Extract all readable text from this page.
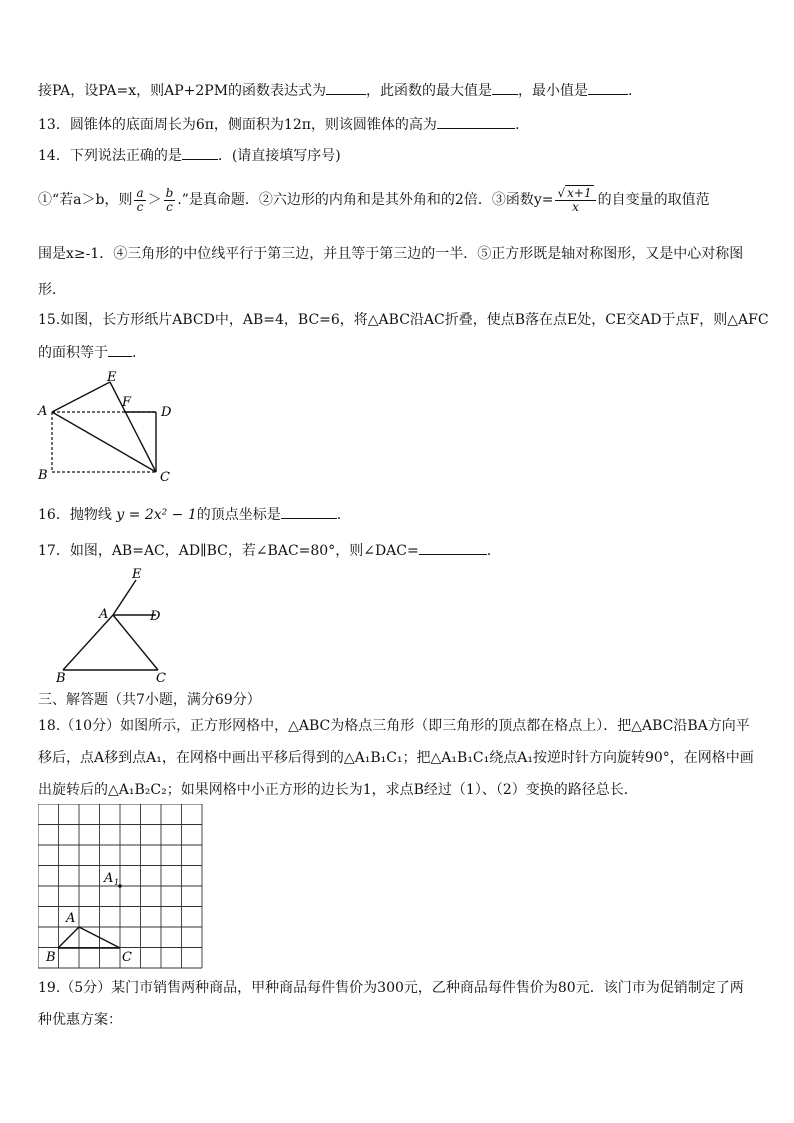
接PA，设PA=x，则AP+2PM的函数表达式为	，此函数的最大值是 ，最小值是	.
13．圆锥体的底面周长为6π，侧面积为12π，则该圆锥体的高为	.
14．下列说法正确的是	．(请直接填写序号)
①“若a＞b，则 $\frac{a}{c} > \frac{b}{c}$ .”是真命题．②六边形的内角和是其外角和的2倍．③函数$y= \frac{√ x+1}{x}$ 的自变量的取值范
围是x≥-1．④三角形的中位线平行于第三边，并且等于第三边的一半．⑤正方形既是轴对称图形，又是中心对称图
形．
15.如图，长方形纸片ABCD中，AB=4，BC=6，将△ABC沿AC折叠，使点B落在点E处，CE交AD于点F，则△AFC
的面积等于 .
A
B	C
D
E
F
16．抛物线 y = 2x² − 1的顶点坐标是	.
17．如图，AB=AC，AD∥BC，若∠BAC=80°，则∠DAC=	.
E
A	D
B	C
三、解答题（共7小题，满分69分）
18.（10分）如图所示，正方形网格中，△ABC为格点三角形（即三角形的顶点都在格点上）．把△ABC沿BA方向平
移后，点A移到点A₁，在网格中画出平移后得到的△A₁B₁C₁；把△A₁B₁C₁绕点A₁按逆时针方向旋转90°，在网格中画
出旋转后的△A₁B₂C₂；如果网格中小正方形的边长为1，求点B经过（1）、（2）变换的路径总长．
A
A 1
B	C
19.（5分）某门市销售两种商品，甲种商品每件售价为300元，乙种商品每件售价为80元．该门市为促销制定了两
种优惠方案：
